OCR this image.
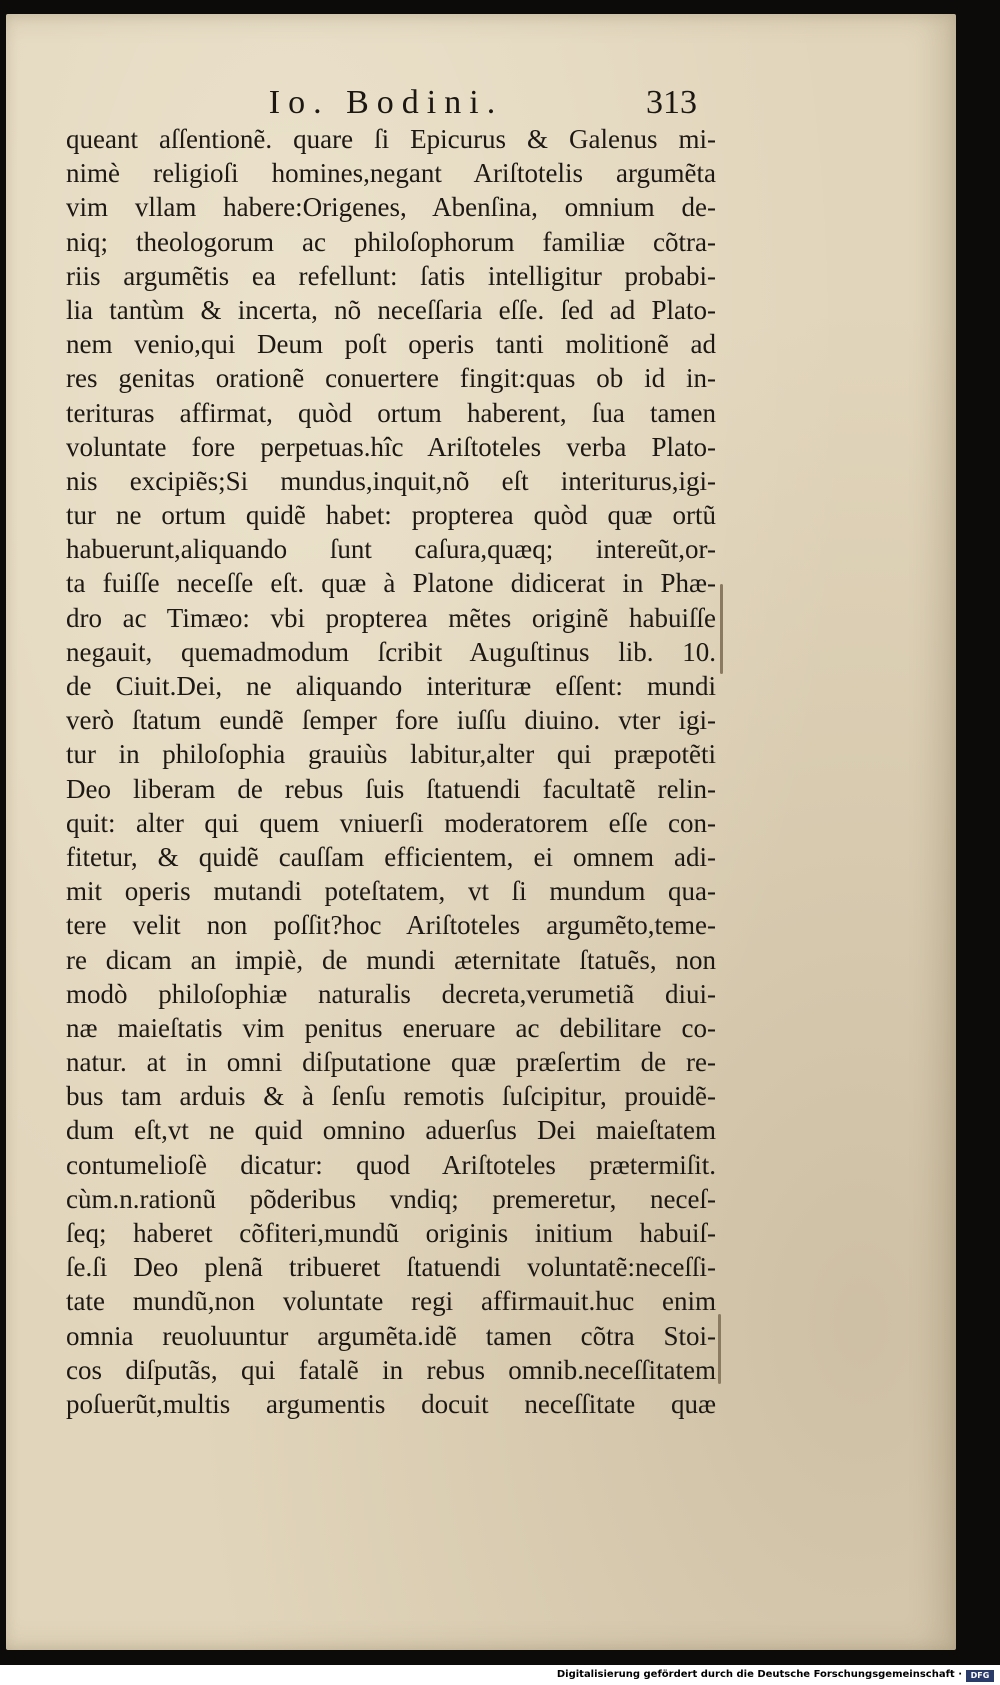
Io. Bodini.	313
queant aſſentionẽ. quare ſi Epicurus & Galenus mi-
nimè religioſi homines,negant Ariſtotelis argumẽta
vim vllam habere:Origenes, Abenſina, omnium de-
niq; theologorum ac philoſophorum familiæ cõtra-
riis argumẽtis ea refellunt: ſatis intelligitur probabi-
lia tantùm & incerta, nõ neceſſaria eſſe. ſed ad Plato-
nem venio,qui Deum poſt operis tanti molitionẽ ad
res genitas orationẽ conuertere fingit:quas ob id in-
terituras affirmat, quòd ortum haberent, ſua tamen
voluntate fore perpetuas.hîc Ariſtoteles verba Plato-
nis excipiẽs;Si mundus,inquit,nõ eſt interiturus,igi-
tur ne ortum quidẽ habet: propterea quòd quæ ortũ
habuerunt,aliquando ſunt caſura,quæq; intereũt,or-
ta fuiſſe neceſſe eſt. quæ à Platone didicerat in Phæ-
dro ac Timæo: vbi propterea mẽtes originẽ habuiſſe
negauit, quemadmodum ſcribit Auguſtinus lib. 10.
de Ciuit.Dei, ne aliquando interituræ eſſent: mundi
verò ſtatum eundẽ ſemper fore iuſſu diuino. vter igi-
tur in philoſophia grauiùs labitur,alter qui præpotẽti
Deo liberam de rebus ſuis ſtatuendi facultatẽ relin-
quit: alter qui quem vniuerſi moderatorem eſſe con-
fitetur, & quidẽ cauſſam efficientem, ei omnem adi-
mit operis mutandi poteſtatem, vt ſi mundum qua-
tere velit non poſſit?hoc Ariſtoteles argumẽto,teme-
re dicam an impiè, de mundi æternitate ſtatuẽs, non
modò philoſophiæ naturalis decreta,verumetiã diui-
næ maieſtatis vim penitus eneruare ac debilitare co-
natur. at in omni diſputatione quæ præſertim de re-
bus tam arduis & à ſenſu remotis ſuſcipitur, prouidẽ-
dum eſt,vt ne quid omnino aduerſus Dei maieſtatem
contumelioſè dicatur: quod Ariſtoteles prætermiſit.
cùm.n.rationũ põderibus vndiq; premeretur, neceſ-
ſeq; haberet cõfiteri,mundũ originis initium habuiſ-
ſe.ſi Deo plenã tribueret ſtatuendi voluntatẽ:neceſſi-
tate mundũ,non voluntate regi affirmauit.huc enim
omnia reuoluuntur argumẽta.idẽ tamen cõtra Stoi-
cos diſputãs, qui fatalẽ in rebus omnib.neceſſitatem
poſuerũt,multis argumentis docuit neceſſitate quæ
Digitalisierung gefördert durch die Deutsche Forschungsgemeinschaft ·	DFG
